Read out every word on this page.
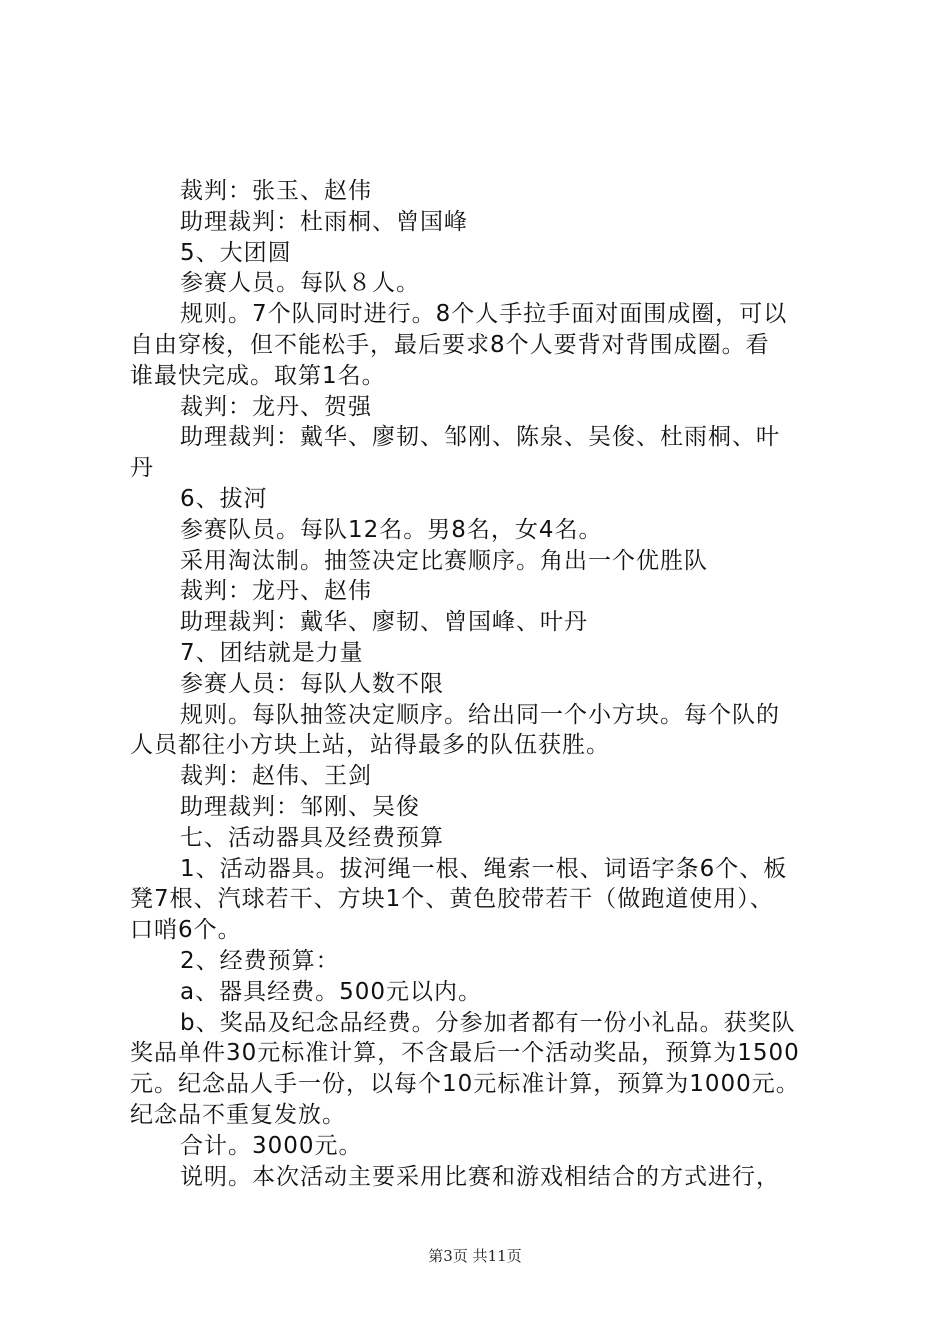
裁判：张玉、赵伟
助理裁判：杜雨桐、曾国峰
5、大团圆
参赛人员。每队８人。
规则。7个队同时进行。8个人手拉手面对面围成圈，可以
自由穿梭，但不能松手，最后要求8个人要背对背围成圈。看
谁最快完成。取第1名。
裁判：龙丹、贺强
助理裁判：戴华、廖韧、邹刚、陈泉、吴俊、杜雨桐、叶
丹
6、拔河
参赛队员。每队12名。男8名，女4名。
采用淘汰制。抽签决定比赛顺序。角出一个优胜队
裁判：龙丹、赵伟
助理裁判：戴华、廖韧、曾国峰、叶丹
7、团结就是力量
参赛人员：每队人数不限
规则。每队抽签决定顺序。给出同一个小方块。每个队的
人员都往小方块上站，站得最多的队伍获胜。
裁判：赵伟、王剑
助理裁判：邹刚、吴俊
七、活动器具及经费预算
1、活动器具。拔河绳一根、绳索一根、词语字条6个、板
凳7根、汽球若干、方块1个、黄色胶带若干（做跑道使用）、
口哨6个。
2、经费预算：
a、器具经费。500元以内。
b、奖品及纪念品经费。分参加者都有一份小礼品。获奖队
奖品单件30元标准计算，不含最后一个活动奖品，预算为1500
元。纪念品人手一份，以每个10元标准计算，预算为1000元。
纪念品不重复发放。
合计。3000元。
说明。本次活动主要采用比赛和游戏相结合的方式进行，
第3页 共11页
